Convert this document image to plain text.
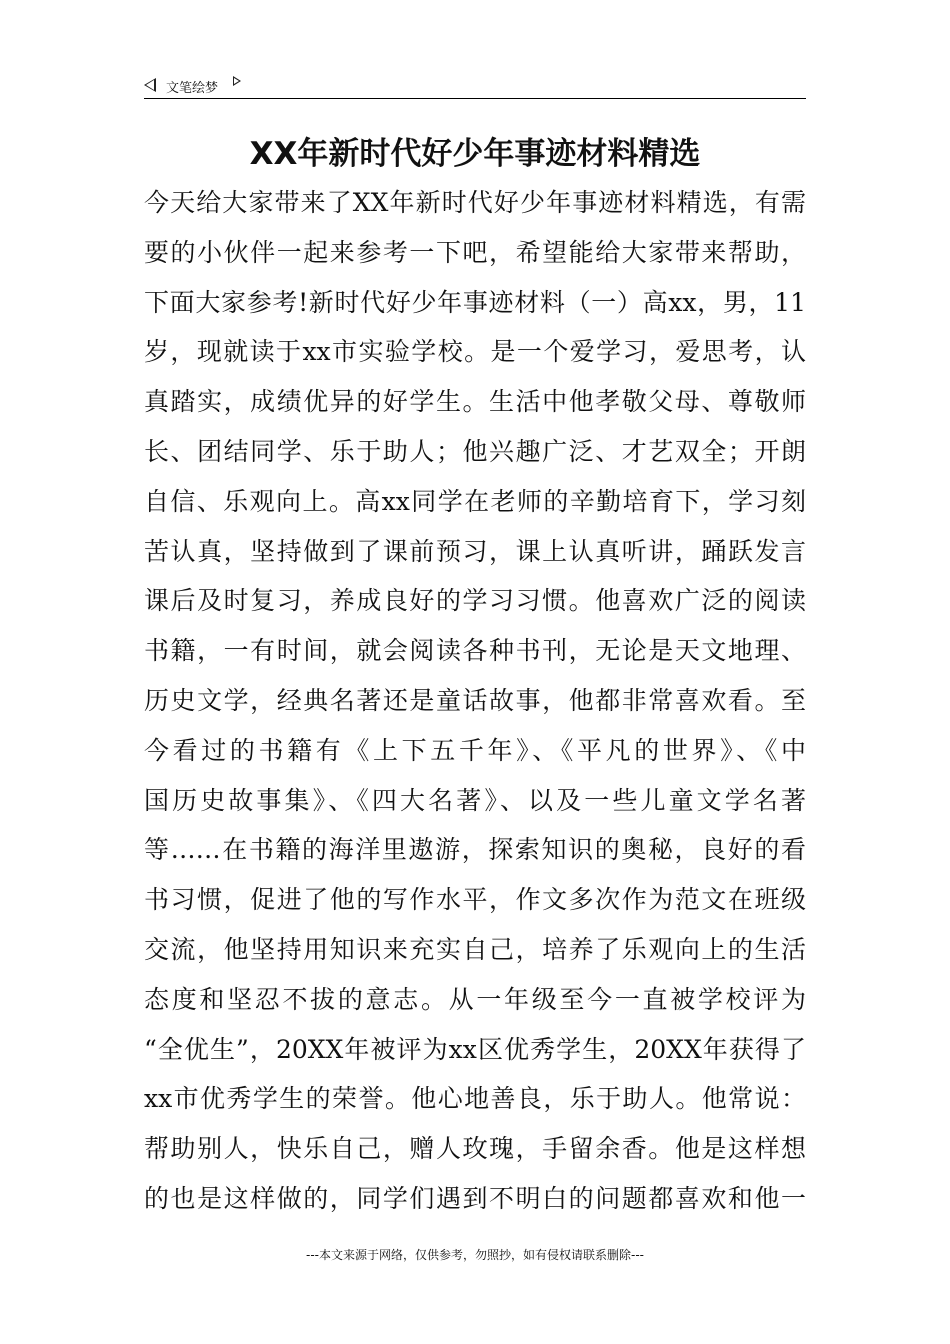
文笔绘梦
XX年新时代好少年事迹材料精选
今天给大家带来了XX年新时代好少年事迹材料精选，有需
要的小伙伴一起来参考一下吧，希望能给大家带来帮助，
下面大家参考!新时代好少年事迹材料（一）高xx，男，11
岁，现就读于xx市实验学校。是一个爱学习，爱思考，认
真踏实，成绩优异的好学生。生活中他孝敬父母、尊敬师
长、团结同学、乐于助人；他兴趣广泛、才艺双全；开朗
自信、乐观向上。高xx同学在老师的辛勤培育下，学习刻
苦认真，坚持做到了课前预习，课上认真听讲，踊跃发言
课后及时复习，养成良好的学习习惯。他喜欢广泛的阅读
书籍，一有时间，就会阅读各种书刊，无论是天文地理、
历史文学，经典名著还是童话故事，他都非常喜欢看。至
今看过的书籍有《上下五千年》、《平凡的世界》、《中
国历史故事集》、《四大名著》、以及一些儿童文学名著
等……在书籍的海洋里遨游，探索知识的奥秘，良好的看
书习惯，促进了他的写作水平，作文多次作为范文在班级
交流，他坚持用知识来充实自己，培养了乐观向上的生活
态度和坚忍不拔的意志。从一年级至今一直被学校评为
“全优生”，20XX年被评为xx区优秀学生，20XX年获得了
xx市优秀学生的荣誉。他心地善良，乐于助人。他常说：
帮助别人，快乐自己，赠人玫瑰，手留余香。他是这样想
的也是这样做的，同学们遇到不明白的问题都喜欢和他一
---本文来源于网络，仅供参考，勿照抄，如有侵权请联系删除---
